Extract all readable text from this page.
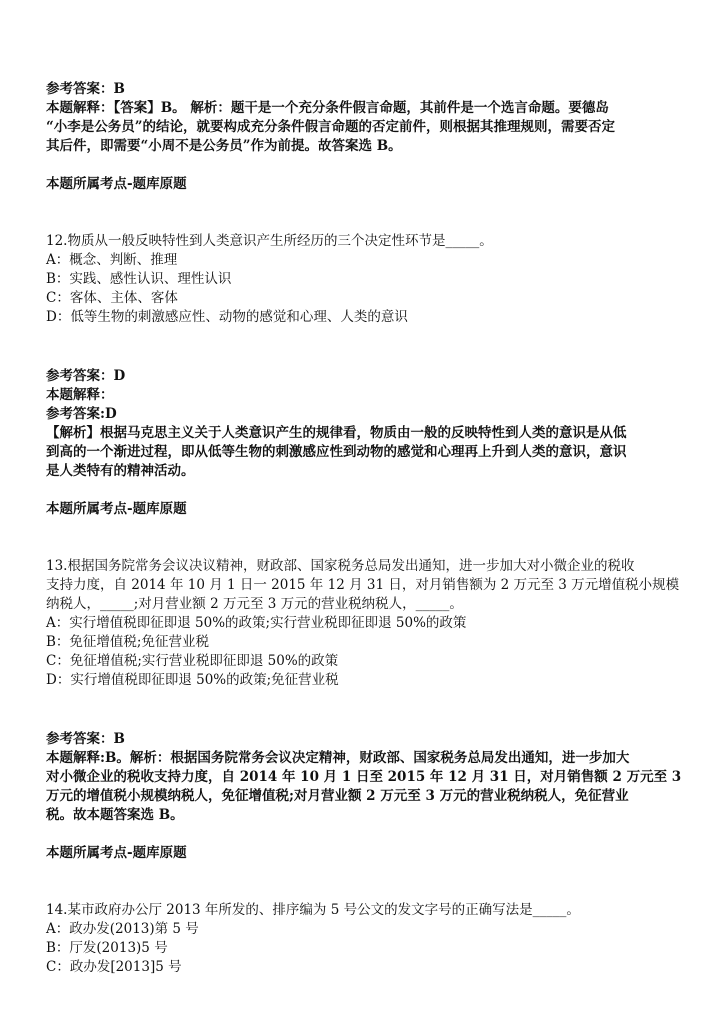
参考答案：B
本题解释：【答案】B。 解析：题干是一个充分条件假言命题，其前件是一个选言命题。要德岛
“小李是公务员”的结论，就要构成充分条件假言命题的否定前件，则根据其推理规则，需要否定
其后件，即需要“小周不是公务员”作为前提。故答案选 B。
本题所属考点-题库原题
12.物质从一般反映特性到人类意识产生所经历的三个决定性环节是_____。
A：概念、判断、推理
B：实践、感性认识、理性认识
C：客体、主体、客体
D：低等生物的刺激感应性、动物的感觉和心理、人类的意识
参考答案：D
本题解释：
参考答案:D
【解析】根据马克思主义关于人类意识产生的规律看，物质由一般的反映特性到人类的意识是从低
到高的一个渐进过程，即从低等生物的刺激感应性到动物的感觉和心理再上升到人类的意识，意识
是人类特有的精神活动。
本题所属考点-题库原题
13.根据国务院常务会议决议精神，财政部、国家税务总局发出通知，进一步加大对小微企业的税收
支持力度，自 2014 年 10 月 1 日一 2015 年 12 月 31 日，对月销售额为 2 万元至 3 万元增值税小规模
纳税人，_____;对月营业额 2 万元至 3 万元的营业税纳税人，_____。
A：实行增值税即征即退 50%的政策;实行营业税即征即退 50%的政策
B：免征增值税;免征营业税
C：免征增值税;实行营业税即征即退 50%的政策
D：实行增值税即征即退 50%的政策;免征营业税
参考答案：B
本题解释:B。解析：根据国务院常务会议决定精神，财政部、国家税务总局发出通知，进一步加大
对小微企业的税收支持力度，自 2014 年 10 月 1 日至 2015 年 12 月 31 日，对月销售额 2 万元至 3
万元的增值税小规模纳税人，免征增值税;对月营业额 2 万元至 3 万元的营业税纳税人，免征营业
税。故本题答案选 B。
本题所属考点-题库原题
14.某市政府办公厅 2013 年所发的、排序编为 5 号公文的发文字号的正确写法是_____。
A：政办发(2013)第 5 号
B：厅发(2013)5 号
C：政办发[2013]5 号
